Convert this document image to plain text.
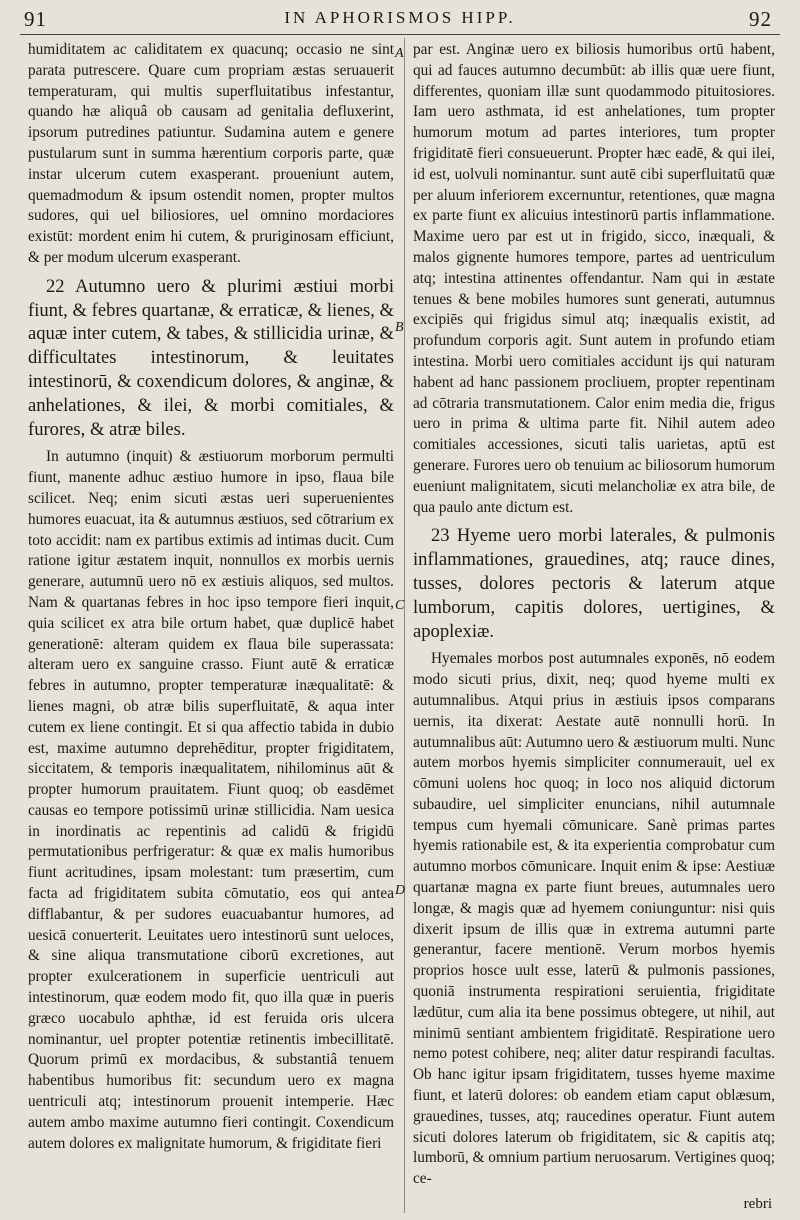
91	IN APHORISMOS HIPP.	92
A
B
C
D

humiditatem ac caliditatem ex quacunq; occasio ne sint parata putrescere. Quare cum propriam æstas seruauerit temperaturam, qui multis superfluitatibus infestantur, quando hæ aliquâ ob causam ad genitalia defluxerint, ipsorum putredines patiuntur. Sudamina autem e genere pustularum sunt in summa hærentium corporis parte, quæ instar ulcerum cutem exasperant. proueniunt autem, quemadmodum & ipsum ostendit nomen, propter multos sudores, qui uel biliosiores, uel omnino mordaciores existūt: mordent enim hi cutem, & pruriginosam efficiunt, & per modum ulcerum exasperant.

22 Autumno uero & plurimi æstiui morbi fiunt, & febres quartanæ, & erraticæ, & lienes, & aquæ inter cutem, & tabes, & stillicidia urinæ, & difficultates intestinorum, & leuitates intestinorū, & coxendicum dolores, & anginæ, & anhelationes, & ilei, & morbi comitiales, & furores, & atræ biles.

In autumno (inquit) & æstiuorum morborum permulti fiunt, manente adhuc æstiuo humore in ipso, flaua bile scilicet. Neq; enim sicuti æstas ueri superuenientes humores euacuat, ita & autumnus æstiuos, sed cōtrarium ex toto accidit: nam ex partibus extimis ad intimas ducit. Cum ratione igitur æstatem inquit, nonnullos ex morbis uernis generare, autumnū uero nō ex æstiuis aliquos, sed multos. Nam & quartanas febres in hoc ipso tempore fieri inquit, quia scilicet ex atra bile ortum habet, quæ duplicē habet generationē: alteram quidem ex flaua bile superassata: alteram uero ex sanguine crasso. Fiunt autē & erraticæ febres in autumno, propter temperaturæ inæqualitatē: & lienes magni, ob atræ bilis superfluitatē, & aqua inter cutem ex liene contingit. Et si qua affectio tabida in dubio est, maxime autumno deprehēditur, propter frigiditatem, siccitatem, & temporis inæqualitatem, nihilominus aūt & propter humorum prauitatem. Fiunt quoq; ob easdēmet causas eo tempore potissimū urinæ stillicidia. Nam uesica in inordinatis ac repentinis ad calidū & frigidū permutationibus perfrigeratur: & quæ ex malis humoribus fiunt acritudines, ipsam molestant: tum præsertim, cum facta ad frigiditatem subita cōmutatio, eos qui antea difflabantur, & per sudores euacuabantur humores, ad uesicā conuerterit. Leuitates uero intestinorū sunt ueloces, & sine aliqua transmutatione ciborū excretiones, aut propter exulcerationem in superficie uentriculi aut intestinorum, quæ eodem modo fit, quo illa quæ in pueris græco uocabulo aphthæ, id est feruida oris ulcera nominantur, uel propter potentiæ retinentis imbecillitatē. Quorum primū ex mordacibus, & substantiâ tenuem habentibus humoribus fit: secundum uero ex magna uentriculi atq; intestinorum prouenit intemperie. Hæc autem ambo maxime autumno fieri contingit. Coxendicum autem dolores ex malignitate humorum, & frigiditate fieri

par est. Anginæ uero ex biliosis humoribus ortū habent, qui ad fauces autumno decumbūt: ab illis quæ uere fiunt, differentes, quoniam illæ sunt quodammodo pituitosiores. Iam uero asthmata, id est anhelationes, tum propter humorum motum ad partes interiores, tum propter frigiditatē fieri consueuerunt. Propter hæc eadē, & qui ilei, id est, uolvuli nominantur. sunt autē cibi superfluitatū quæ per aluum inferiorem excernuntur, retentiones, quæ magna ex parte fiunt ex alicuius intestinorū partis inflammatione. Maxime uero par est ut in frigido, sicco, inæquali, & malos gignente humores tempore, partes ad uentriculum atq; intestina attinentes offendantur. Nam qui in æstate tenues & bene mobiles humores sunt generati, autumnus excipiēs qui frigidus simul atq; inæqualis existit, ad profundum corporis agit. Sunt autem in profundo etiam intestina. Morbi uero comitiales accidunt ijs qui naturam habent ad hanc passionem procliuem, propter repentinam ad cōtraria transmutationem. Calor enim media die, frigus uero in prima & ultima parte fit. Nihil autem adeo comitiales accessiones, sicuti talis uarietas, aptū est generare. Furores uero ob tenuium ac biliosorum humorum eueniunt malignitatem, sicuti melancholiæ ex atra bile, de qua paulo ante dictum est.

23 Hyeme uero morbi laterales, & pulmonis inflammationes, grauedines, atq; rauce dines, tusses, dolores pectoris & laterum atque lumborum, capitis dolores, uertigines, & apoplexiæ.

Hyemales morbos post autumnales exponēs, nō eodem modo sicuti prius, dixit, neq; quod hyeme multi ex autumnalibus. Atqui prius in æstiuis ipsos comparans uernis, ita dixerat: Aestate autē nonnulli horū. In autumnalibus aūt: Autumno uero & æstiuorum multi. Nunc autem morbos hyemis simpliciter connumerauit, uel ex cōmuni uolens hoc quoq; in loco nos aliquid dictorum subaudire, uel simpliciter enuncians, nihil autumnale tempus cum hyemali cōmunicare. Sanè primas partes hyemis rationabile est, & ita experientia comprobatur cum autumno morbos cōmunicare. Inquit enim & ipse: Aestiuæ quartanæ magna ex parte fiunt breues, autumnales uero longæ, & magis quæ ad hyemem coniunguntur: nisi quis dixerit ipsum de illis quæ in extrema autumni parte generantur, facere mentionē. Verum morbos hyemis proprios hosce uult esse, laterū & pulmonis passiones, quoniā instrumenta respirationi seruientia, frigiditate lædūtur, cum alia ita bene possimus obtegere, ut nihil, aut minimū sentiant ambientem frigiditatē. Respiratione uero nemo potest cohibere, neq; aliter datur respirandi facultas. Ob hanc igitur ipsam frigiditatem, tusses hyeme maxime fiunt, et laterū dolores: ob eandem etiam caput oblæsum, grauedines, tusses, atq; raucedines operatur. Fiunt autem sicuti dolores laterum ob frigiditatem, sic & capitis atq; lumborū, & omnium partium neruosarum. Vertigines quoq; ce-

rebri
